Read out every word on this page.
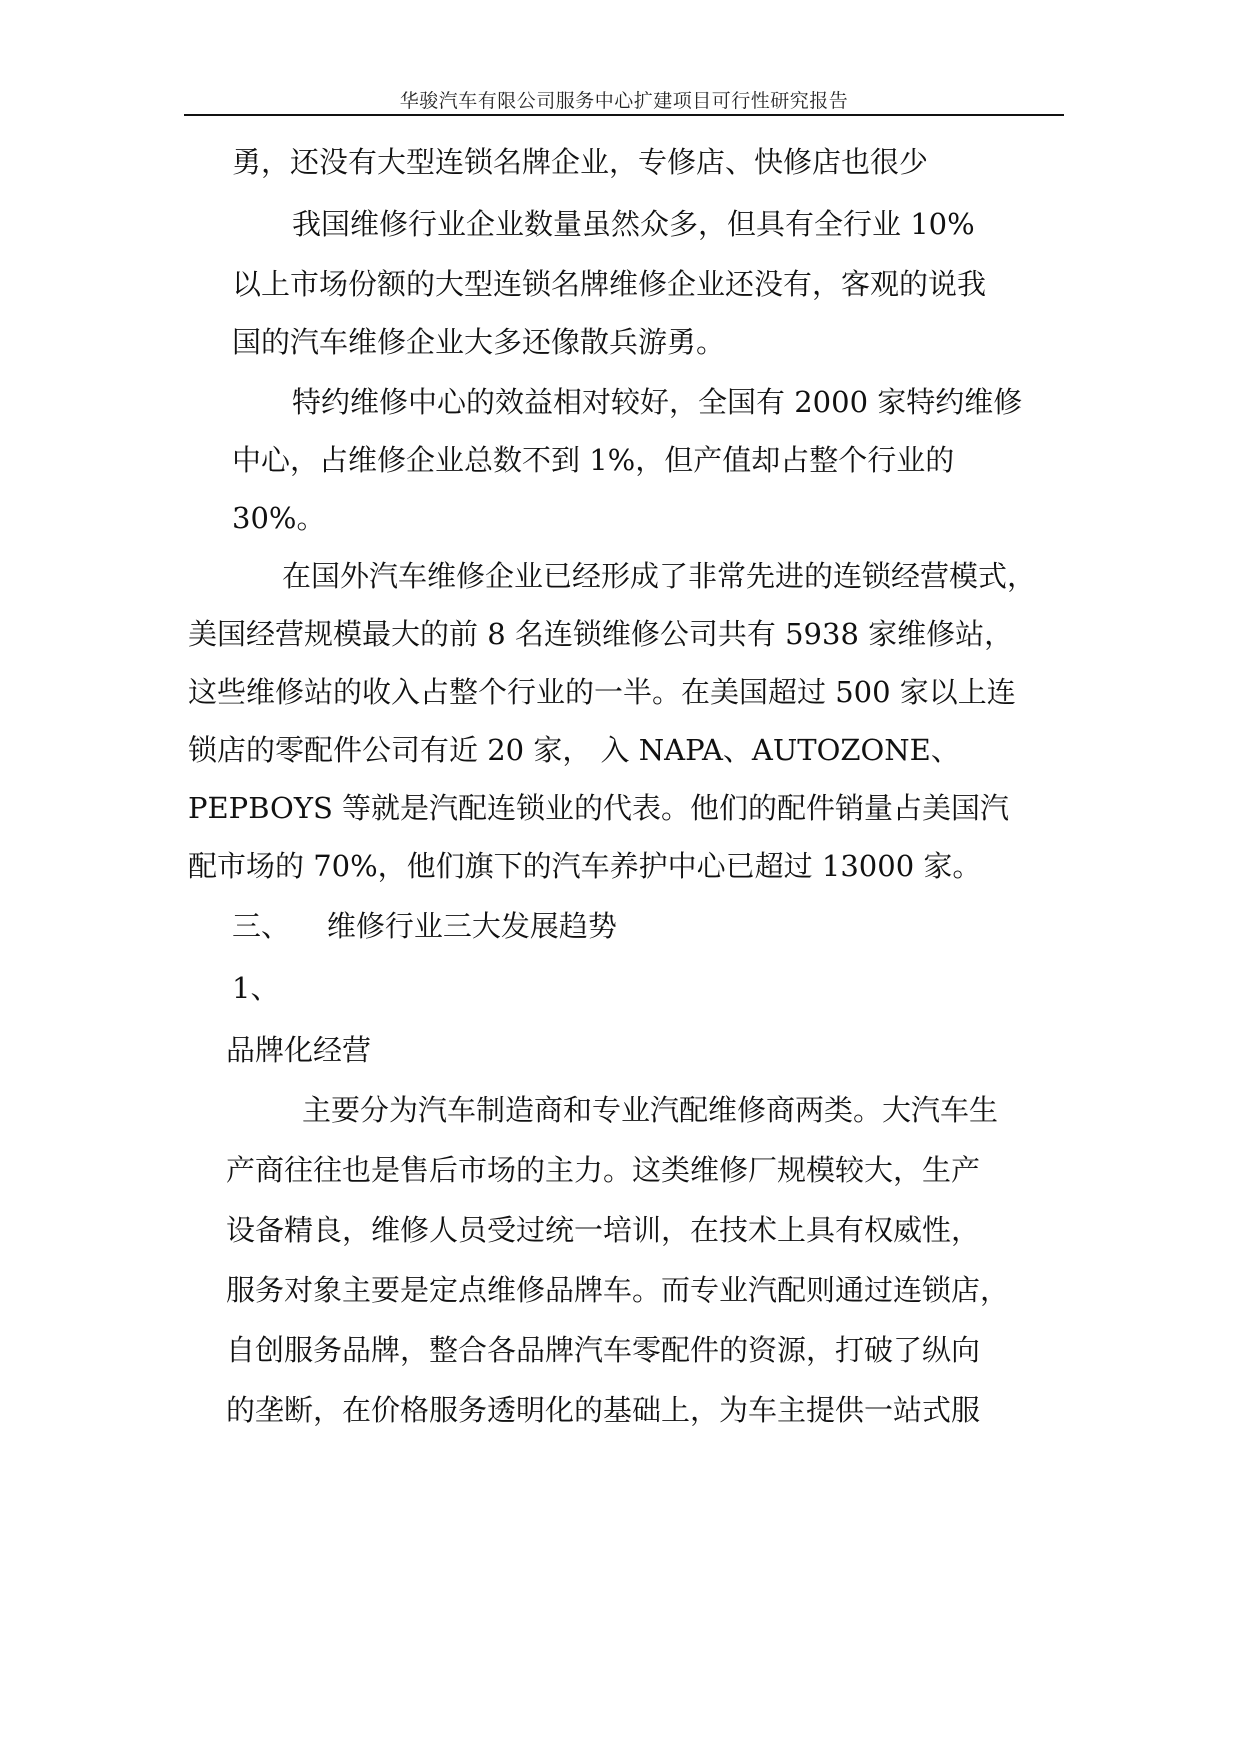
华骏汽车有限公司服务中心扩建项目可行性研究报告
勇，还没有大型连锁名牌企业，专修店、快修店也很少
我国维修行业企业数量虽然众多，但具有全行业 10%
以上市场份额的大型连锁名牌维修企业还没有，客观的说我
国的汽车维修企业大多还像散兵游勇。
特约维修中心的效益相对较好，全国有 2000 家特约维修
中心，占维修企业总数不到 1%，但产值却占整个行业的
30%。
在国外汽车维修企业已经形成了非常先进的连锁经营模式，
美国经营规模最大的前 8 名连锁维修公司共有 5938 家维修站，
这些维修站的收入占整个行业的一半。在美国超过 500 家以上连
锁店的零配件公司有近 20 家， 入 NAPA、AUTOZONE、
PEPBOYS 等就是汽配连锁业的代表。他们的配件销量占美国汽
配市场的 70%，他们旗下的汽车养护中心已超过 13000 家。
三、    维修行业三大发展趋势
1、
品牌化经营
主要分为汽车制造商和专业汽配维修商两类。大汽车生
产商往往也是售后市场的主力。这类维修厂规模较大，生产
设备精良，维修人员受过统一培训，在技术上具有权威性，
服务对象主要是定点维修品牌车。而专业汽配则通过连锁店，
自创服务品牌，整合各品牌汽车零配件的资源，打破了纵向
的垄断，在价格服务透明化的基础上，为车主提供一站式服
